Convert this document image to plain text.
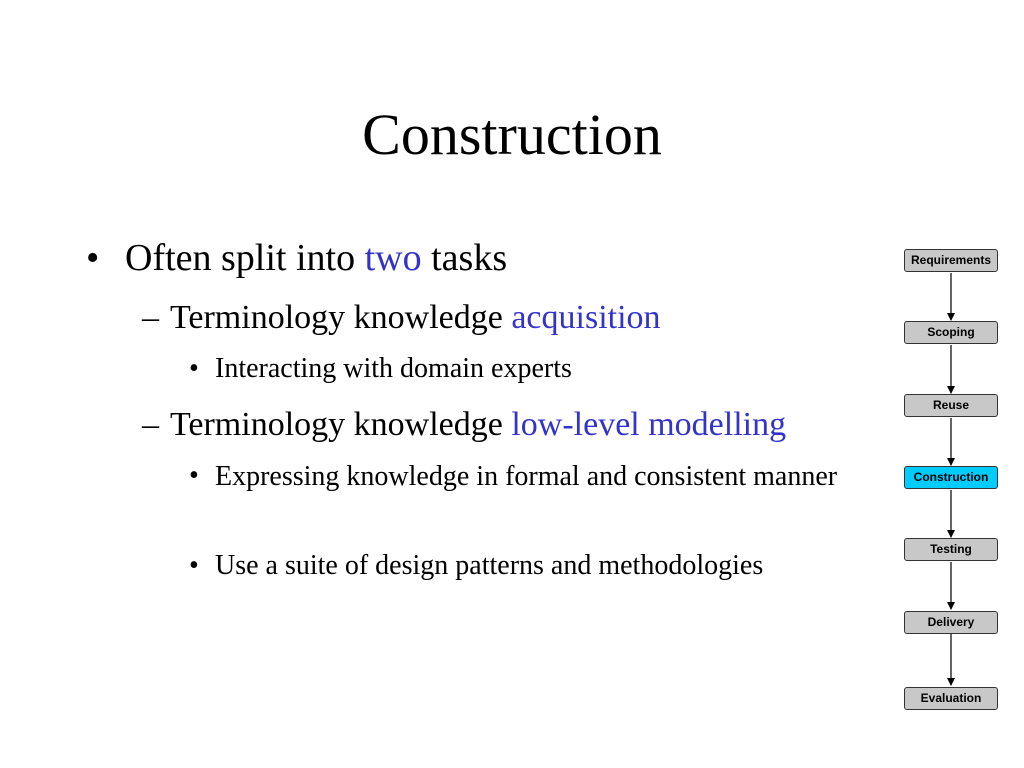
Construction
• Often split into two tasks
– Terminology knowledge acquisition
• Interacting with domain experts
– Terminology knowledge low-level modelling
• Expressing knowledge in formal and consistent manner
• Use a suite of design patterns and methodologies
Requirements
Scoping
Reuse
Construction
Testing
Delivery
Evaluation
